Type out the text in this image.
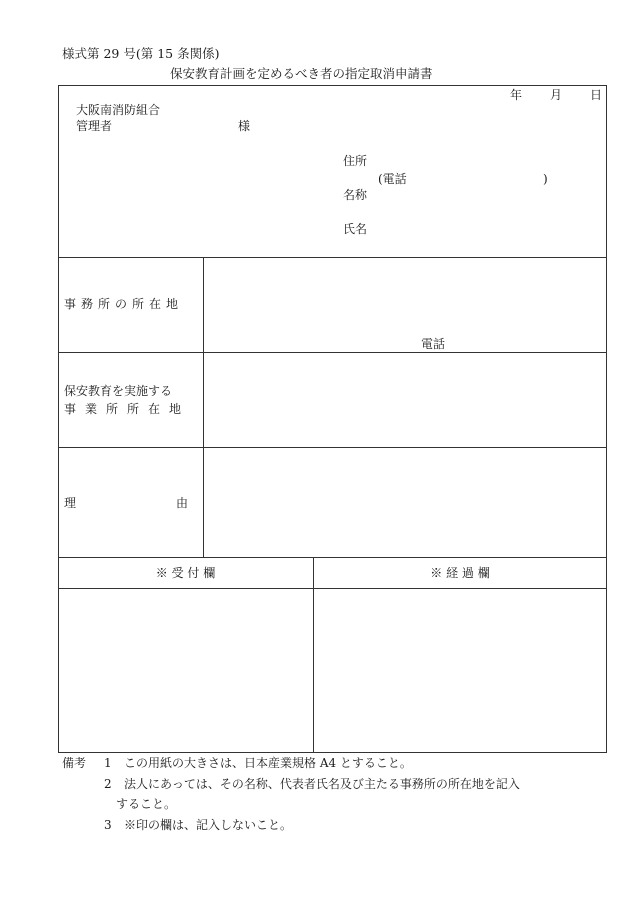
様式第 29 号(第 15 条関係)
保安教育計画を定めるべき者の指定取消申請書
年 月 日
大阪南消防組合
管理者	様
住所
(電話	)
名称
氏名
事務所の所在地
電話
保安教育を実施する
事業所所在地
理	由
※ 受 付 欄	※ 経 過 欄
備考 1 この用紙の大きさは、日本産業規格 A4 とすること。
2 法人にあっては、その名称、代表者氏名及び主たる事務所の所在地を記入
すること。
3 ※印の欄は、記入しないこと。
